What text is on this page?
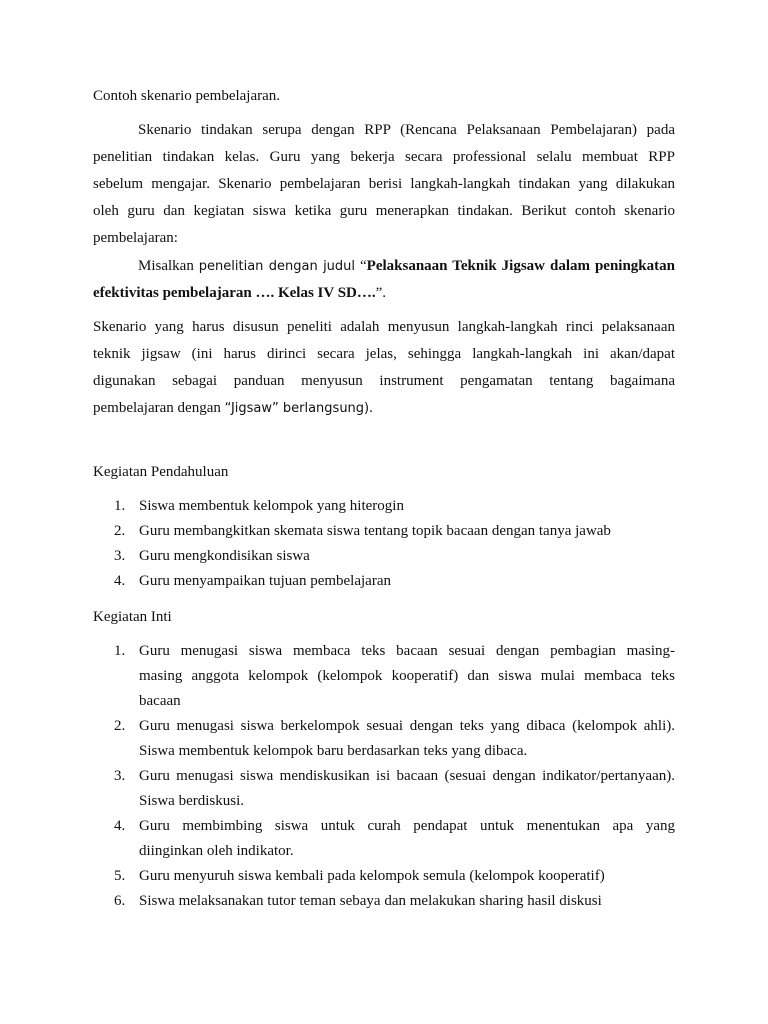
Contoh skenario pembelajaran.

Skenario tindakan serupa dengan RPP (Rencana Pelaksanaan Pembelajaran) pada

penelitian tindakan kelas. Guru yang bekerja secara professional selalu membuat RPP

sebelum mengajar. Skenario pembelajaran berisi langkah-langkah tindakan yang dilakukan

oleh guru dan kegiatan siswa ketika guru menerapkan tindakan. Berikut contoh skenario

pembelajaran:

Misalkan penelitian dengan judul “Pelaksanaan Teknik Jigsaw dalam peningkatan

efektivitas pembelajaran …. Kelas IV SD….”.

Skenario yang harus disusun peneliti adalah menyusun langkah-langkah rinci pelaksanaan

teknik jigsaw (ini harus dirinci secara jelas, sehingga langkah-langkah ini akan/dapat

digunakan sebagai panduan menyusun instrument pengamatan tentang bagaimana

pembelajaran dengan “Jigsaw” berlangsung).

Kegiatan Pendahuluan

1. Siswa membentuk kelompok yang hiterogin
2. Guru membangkitkan skemata siswa tentang topik bacaan dengan tanya jawab
3. Guru mengkondisikan siswa
4. Guru menyampaikan tujuan pembelajaran

Kegiatan Inti

1. Guru menugasi siswa membaca teks bacaan sesuai dengan pembagian masing-
masing anggota kelompok (kelompok kooperatif) dan siswa mulai membaca teks
bacaan
2. Guru menugasi siswa berkelompok sesuai dengan teks yang dibaca (kelompok ahli).
Siswa membentuk kelompok baru berdasarkan teks yang dibaca.
3. Guru menugasi siswa mendiskusikan isi bacaan (sesuai dengan indikator/pertanyaan).
Siswa berdiskusi.
4. Guru membimbing siswa untuk curah pendapat untuk menentukan apa yang
diinginkan oleh indikator.
5. Guru menyuruh siswa kembali pada kelompok semula (kelompok kooperatif)
6. Siswa melaksanakan tutor teman sebaya dan melakukan sharing hasil diskusi
